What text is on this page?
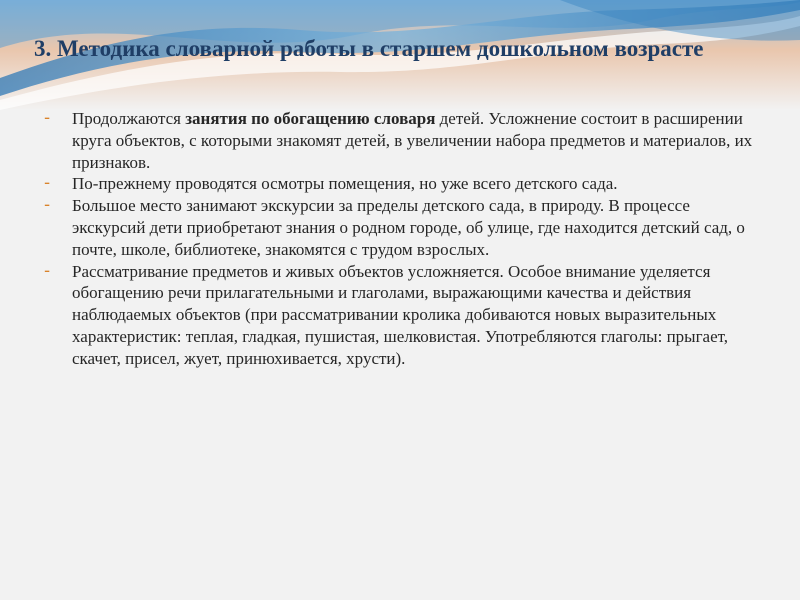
3. Методика словарной работы в старшем дошкольном возрасте
-	Продолжаются занятия по обогащению словаря детей. Усложнение состоит в расширении круга объектов, с которыми знакомят детей, в увеличении набора предметов и материалов, их признаков.
-	По-прежнему проводятся осмотры помещения, но уже всего детского сада.
-	Большое место занимают экскурсии за пределы детского сада, в природу. В процессе экскурсий дети приобретают знания о родном городе, об улице, где находится детский сад, о почте, школе, библиотеке, знакомятся с трудом взрослых.
-	Рассматривание предметов и живых объектов усложняется. Особое внимание уделяется обогащению речи прилагательными и глаголами, выражающими качества и действия наблюдаемых объектов (при рассматривании кролика добиваются новых выразительных характеристик: теплая, гладкая, пушистая, шелковистая. Употребляются глаголы: прыгает, скачет, присел, жует, принюхивается, хрусти).
